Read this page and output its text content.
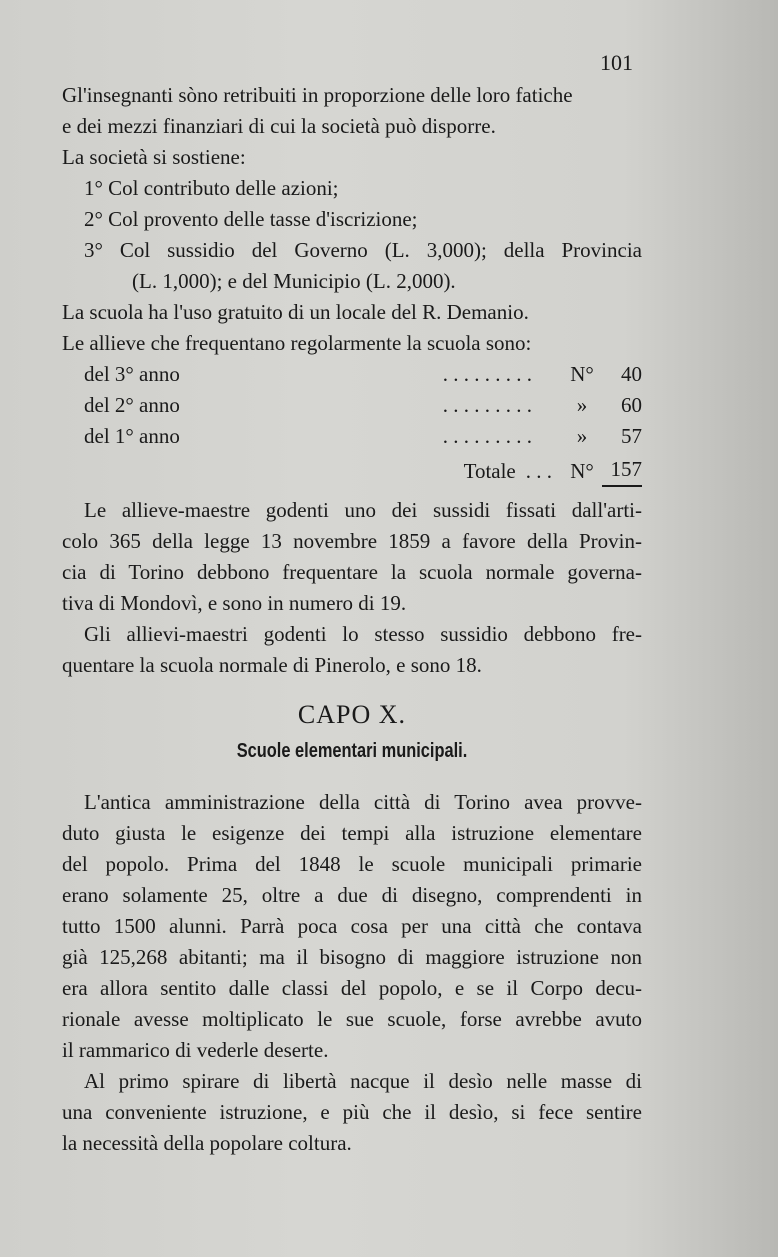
101

Gl'insegnanti sòno retribuiti in proporzione delle loro fatiche
e dei mezzi finanziari di cui la società può disporre.

La società si sostiene:

1° Col contributo delle azioni;
2° Col provento delle tasse d'iscrizione;
3° Col sussidio del Governo (L. 3,000); della Provincia
(L. 1,000); e del Municipio (L. 2,000).

La scuola ha l'uso gratuito di un locale del R. Demanio.

Le allieve che frequentano regolarmente la scuola sono:

del 3° anno	. . . . . . . . .	N°	40
del 2° anno	. . . . . . . . .	»	60
del 1° anno	. . . . . . . . .	»	57
Totale . . . N° 157

Le allieve-maestre godenti uno dei sussidi fissati dall'arti-
colo 365 della legge 13 novembre 1859 a favore della Provin-
cia di Torino debbono frequentare la scuola normale governa-
tiva di Mondovì, e sono in numero di 19.

Gli allievi-maestri godenti lo stesso sussidio debbono fre-
quentare la scuola normale di Pinerolo, e sono 18.

CAPO X.
Scuole elementari municipali.

L'antica amministrazione della città di Torino avea provve-
duto giusta le esigenze dei tempi alla istruzione elementare
del popolo. Prima del 1848 le scuole municipali primarie
erano solamente 25, oltre a due di disegno, comprendenti in
tutto 1500 alunni. Parrà poca cosa per una città che contava
già 125,268 abitanti; ma il bisogno di maggiore istruzione non
era allora sentito dalle classi del popolo, e se il Corpo decu-
rionale avesse moltiplicato le sue scuole, forse avrebbe avuto
il rammarico di vederle deserte.

Al primo spirare di libertà nacque il desìo nelle masse di
una conveniente istruzione, e più che il desìo, si fece sentire
la necessità della popolare coltura.
